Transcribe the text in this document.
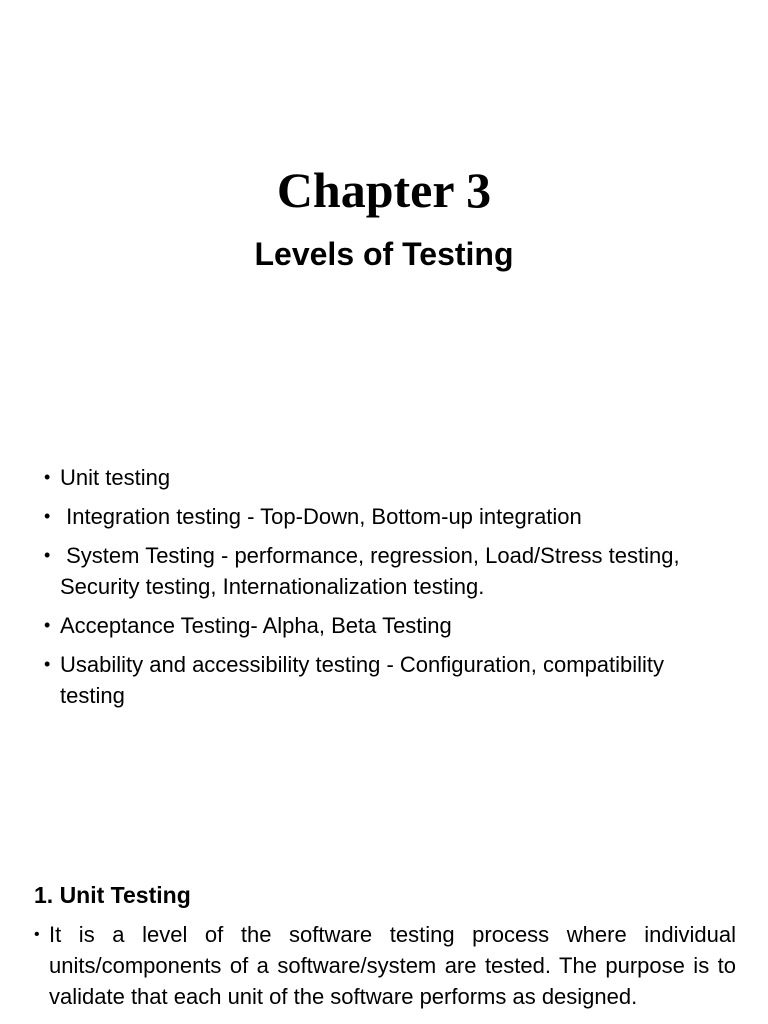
Chapter 3
Levels of Testing
• Unit testing
• Integration testing - Top-Down, Bottom-up integration
• System Testing - performance, regression, Load/Stress testing, Security testing, Internationalization testing.
• Acceptance Testing- Alpha, Beta Testing
• Usability and accessibility testing - Configuration, compatibility testing
1. Unit Testing
• It is a level of the software testing process where individual units/components of a software/system are tested. The purpose is to validate that each unit of the software performs as designed.
